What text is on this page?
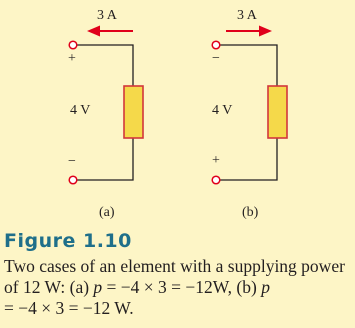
3 A
+
4 V
−
(a)
3 A
−
4 V
+
(b)
Figure 1.10
Two cases of an element with a supplying power of 12 W: (a) p = −4 × 3 = −12W, (b) p = −4 × 3 = −12 W.
